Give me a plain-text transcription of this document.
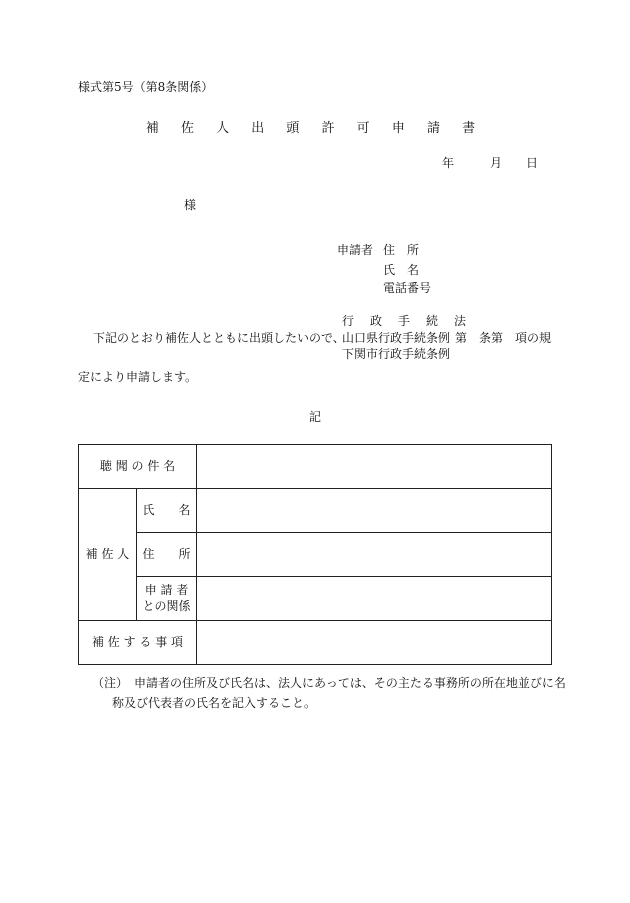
様式第5号（第8条関係）
補 佐 人 出 頭 許 可 申 請 書
年	月 日
様
申請者 住　所
氏　名
電話番号
行　政　手　続　法
下記のとおり補佐人とともに出頭したいので、
山口県行政手続条例 第　条第　項の規
下関市行政手続条例
定により申請します。
記
聴 聞 の 件 名		
補 佐 人	氏　　名	
	住　　所	

	申 請 者
との関係	

補 佐 す る 事 項		
（注）　 申請者の住所及び氏名は、法人にあっては、その主たる事務所の所在地並びに名
称及び代表者の氏名を記入すること。
